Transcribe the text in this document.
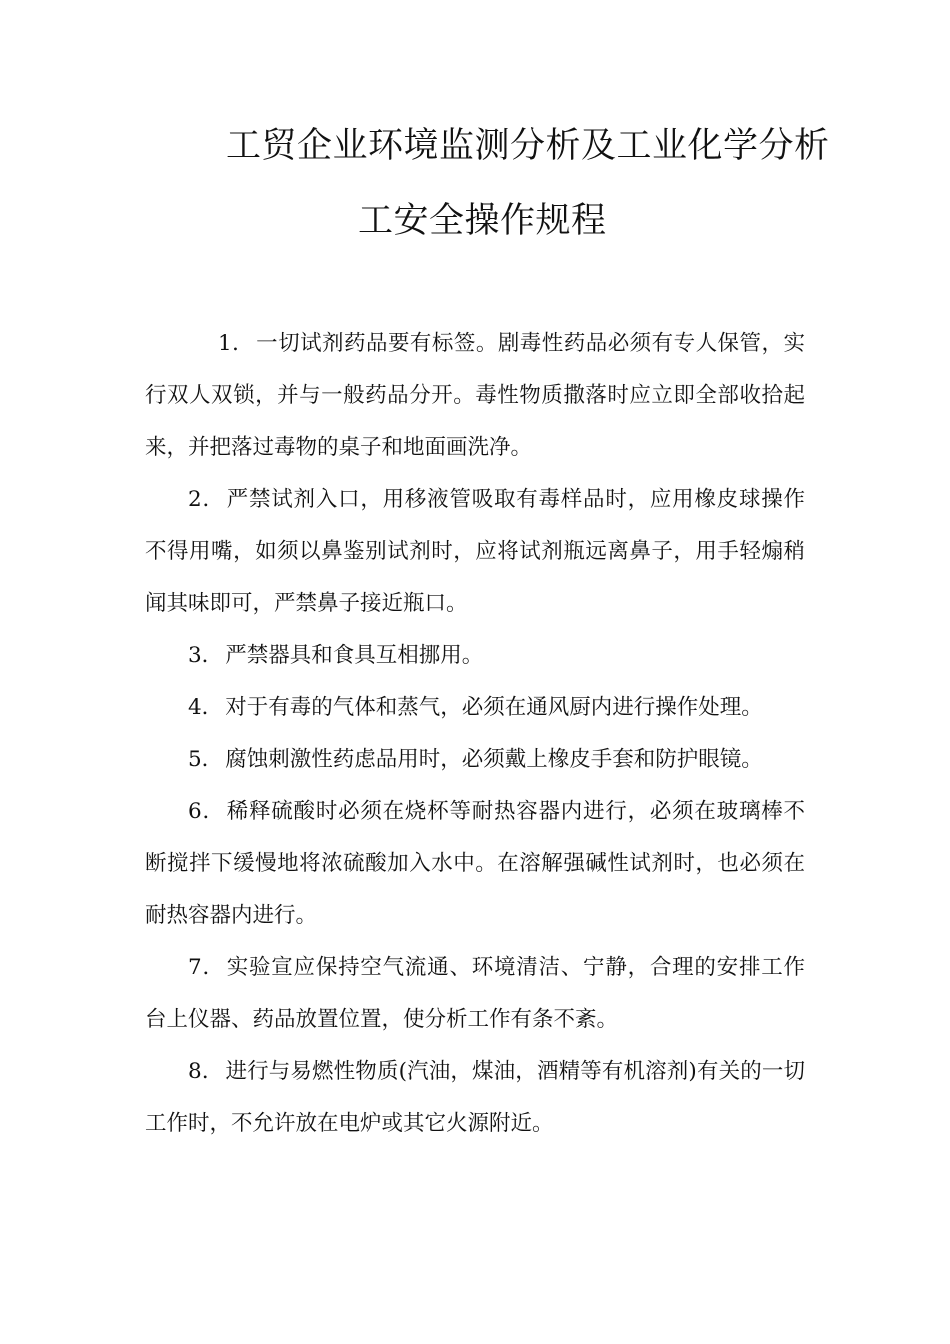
工贸企业环境监测分析及工业化学分析
工安全操作规程

1．一切试剂药品要有标签。剧毒性药品必须有专人保管，实行双人双锁，并与一般药品分开。毒性物质撒落时应立即全部收拾起来，并把落过毒物的桌子和地面画洗净。

2．严禁试剂入口，用移液管吸取有毒样品时，应用橡皮球操作不得用嘴，如须以鼻鉴别试剂时，应将试剂瓶远离鼻子，用手轻煽稍闻其味即可，严禁鼻子接近瓶口。

3．严禁器具和食具互相挪用。

4．对于有毒的气体和蒸气，必须在通风厨内进行操作处理。

5．腐蚀刺激性药虑品用时，必须戴上橡皮手套和防护眼镜。

6．稀释硫酸时必须在烧杯等耐热容器内进行，必须在玻璃棒不断搅拌下缓慢地将浓硫酸加入水中。在溶解强碱性试剂时，也必须在耐热容器内进行。

7．实验宣应保持空气流通、环境清洁、宁静，合理的安排工作台上仪器、药品放置位置，使分析工作有条不紊。

8．进行与易燃性物质(汽油，煤油，酒精等有机溶剂)有关的一切工作时，不允许放在电炉或其它火源附近。
